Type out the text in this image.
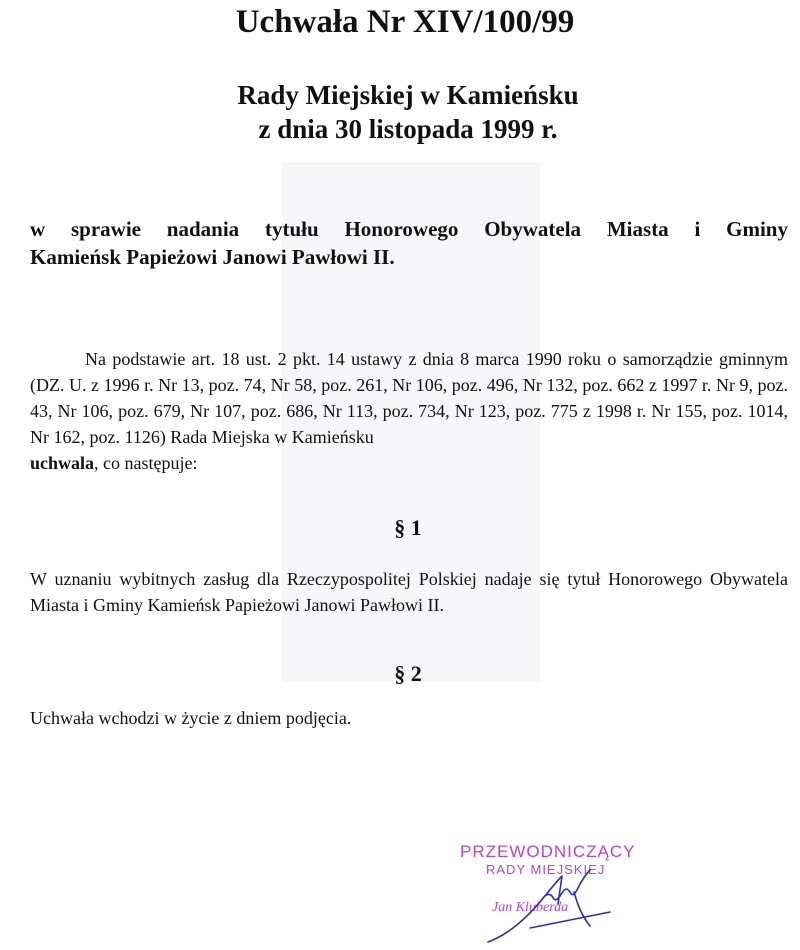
Uchwała Nr XIV/100/99

Rady Miejskiej w Kamieńsku

z dnia 30 listopada 1999 r.

w sprawie nadania tytułu Honorowego Obywatela Miasta i Gminy
Kamieńsk Papieżowi Janowi Pawłowi II.

Na podstawie art. 18 ust. 2 pkt. 14 ustawy z dnia 8 marca 1990 roku o samorządzie gminnym (DZ. U. z 1996 r. Nr 13, poz. 74, Nr 58, poz. 261, Nr 106, poz. 496, Nr 132, poz. 662 z 1997 r. Nr 9, poz. 43, Nr 106, poz. 679, Nr 107, poz. 686, Nr 113, poz. 734, Nr 123, poz. 775 z 1998 r. Nr 155, poz. 1014, Nr 162, poz. 1126) Rada Miejska w Kamieńsku
uchwala, co następuje:

§ 1

W uznaniu wybitnych zasług dla Rzeczypospolitej Polskiej nadaje się tytuł Honorowego Obywatela Miasta i Gminy Kamieńsk Papieżowi Janowi Pawłowi II.

§ 2

Uchwała wchodzi w życie z dniem podjęcia.

PRZEWODNICZĄCY
RADY MIEJSKIEJ
Jan Kluberda
